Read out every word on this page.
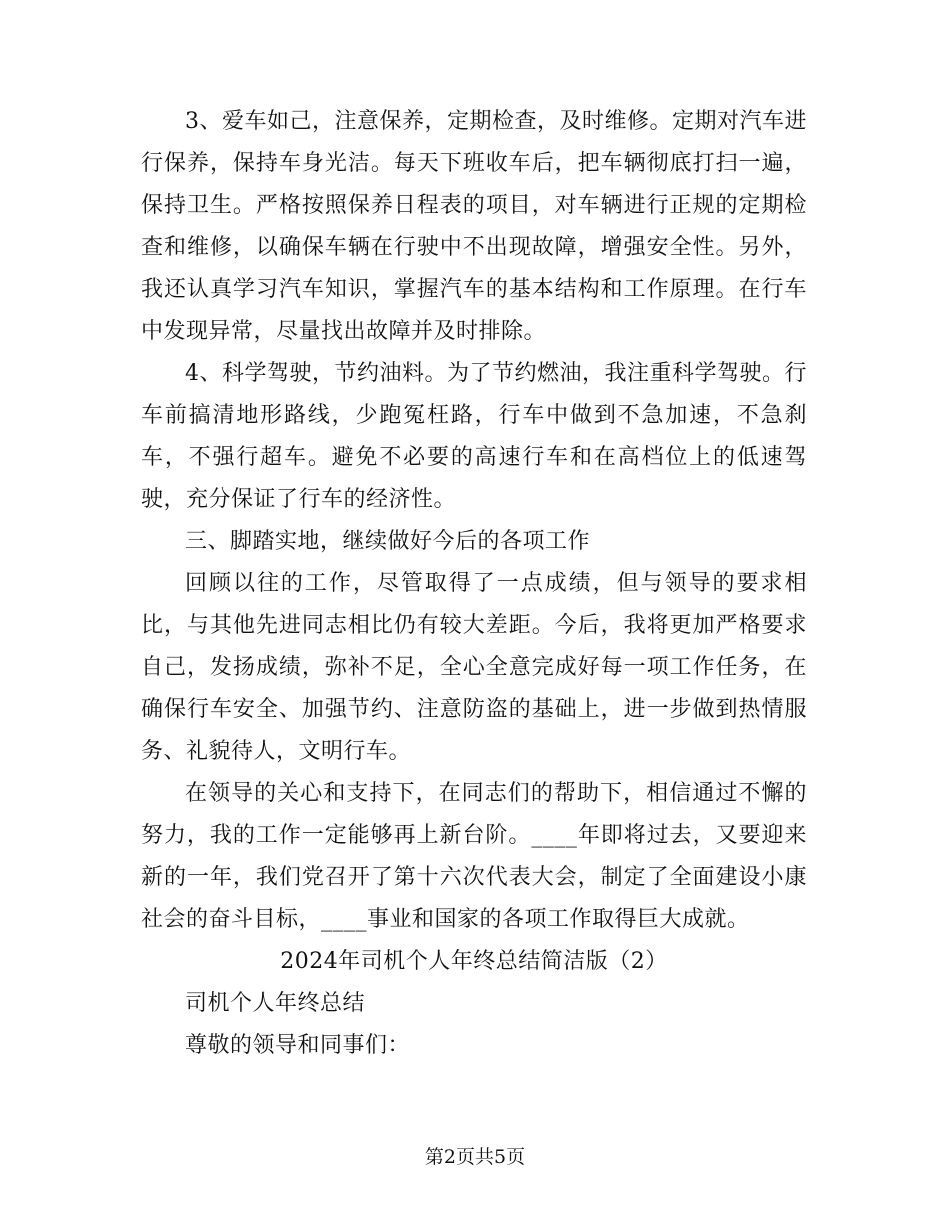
3、爱车如己，注意保养，定期检查，及时维修。定期对汽车进行保养，保持车身光洁。每天下班收车后，把车辆彻底打扫一遍，保持卫生。严格按照保养日程表的项目，对车辆进行正规的定期检查和维修，以确保车辆在行驶中不出现故障，增强安全性。另外，我还认真学习汽车知识，掌握汽车的基本结构和工作原理。在行车中发现异常，尽量找出故障并及时排除。

4、科学驾驶，节约油料。为了节约燃油，我注重科学驾驶。行车前搞清地形路线，少跑冤枉路，行车中做到不急加速，不急刹车，不强行超车。避免不必要的高速行车和在高档位上的低速驾驶，充分保证了行车的经济性。

三、脚踏实地，继续做好今后的各项工作

回顾以往的工作，尽管取得了一点成绩，但与领导的要求相比，与其他先进同志相比仍有较大差距。今后，我将更加严格要求自己，发扬成绩，弥补不足，全心全意完成好每一项工作任务，在确保行车安全、加强节约、注意防盗的基础上，进一步做到热情服务、礼貌待人，文明行车。

在领导的关心和支持下，在同志们的帮助下，相信通过不懈的努力，我的工作一定能够再上新台阶。____年即将过去，又要迎来新的一年，我们党召开了第十六次代表大会，制定了全面建设小康社会的奋斗目标，____事业和国家的各项工作取得巨大成就。

2024年司机个人年终总结简洁版（2）

司机个人年终总结

尊敬的领导和同事们：

第2页共5页
